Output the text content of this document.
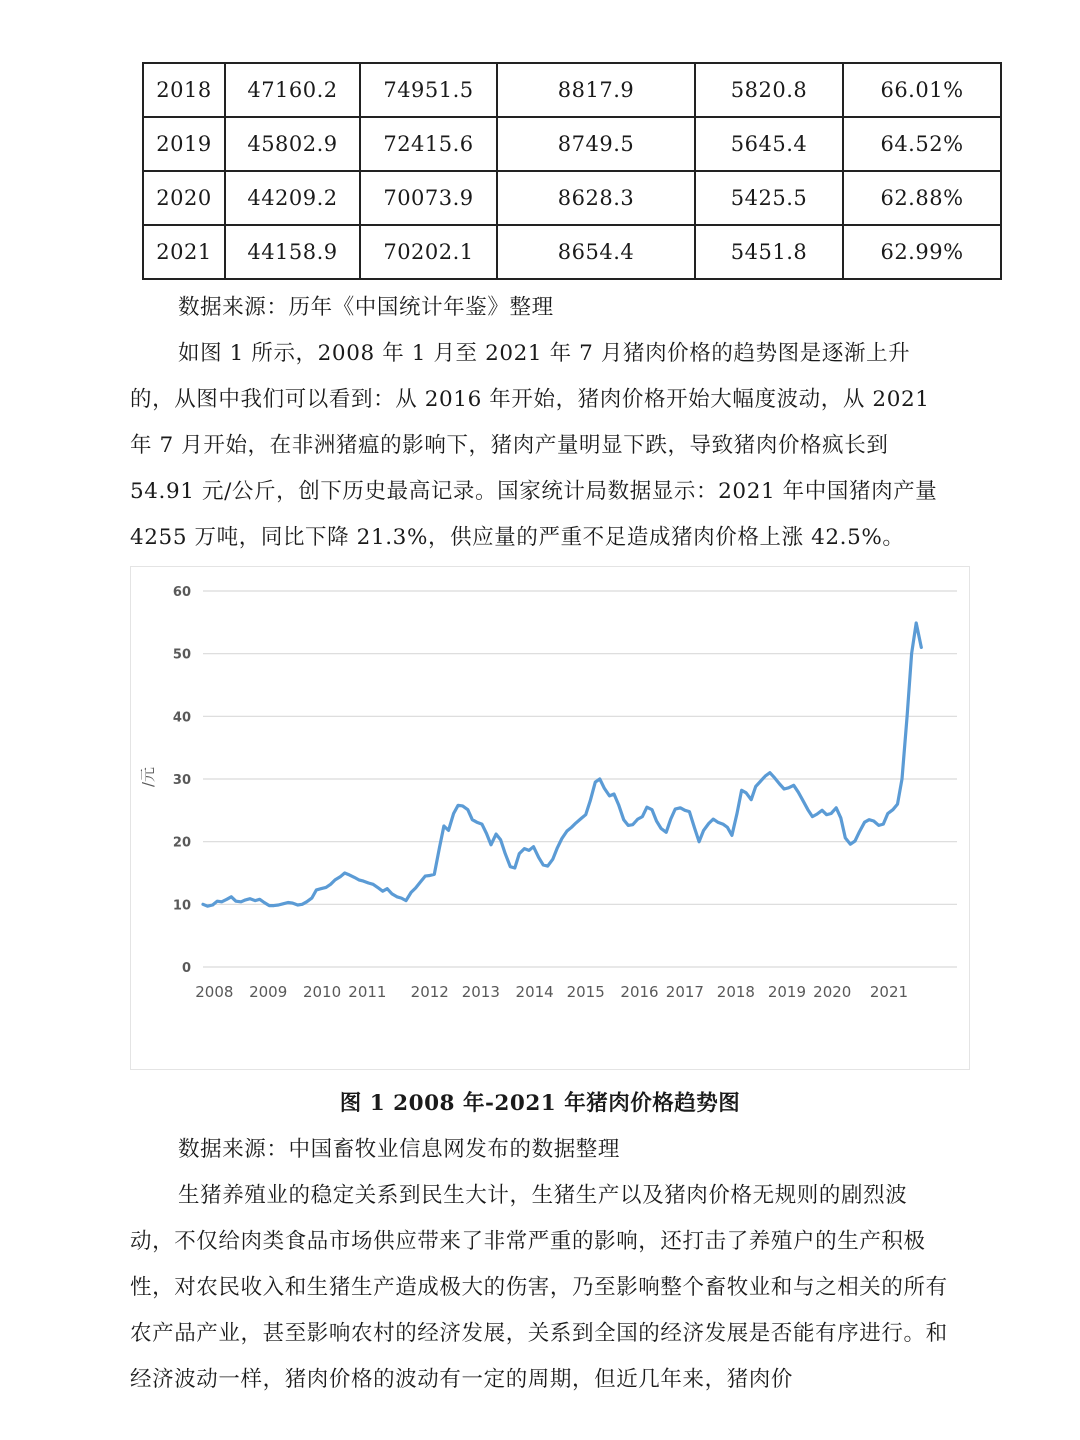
2018	47160.2	74951.5	8817.9	5820.8	66.01%
2019	45802.9	72415.6	8749.5	5645.4	64.52%
2020	44209.2	70073.9	8628.3	5425.5	62.88%
2021	44158.9	70202.1	8654.4	5451.8	62.99%

数据来源：历年《中国统计年鉴》整理

如图 1 所示，2008 年 1 月至 2021 年 7 月猪肉价格的趋势图是逐渐上升的，从图中我们可以看到：从 2016 年开始，猪肉价格开始大幅度波动，从 2021 年 7 月开始，在非洲猪瘟的影响下，猪肉产量明显下跌，导致猪肉价格疯长到 54.91 元/公斤，创下历史最高记录。国家统计局数据显示：2021 年中国猪肉产量 4255 万吨，同比下降 21.3%，供应量的严重不足造成猪肉价格上涨 42.5%。

0
10
20
30
40
50
60
/元
2008 2009 2010 2011 2012 2013 2014 2015 2016 2017 2018 2019 2020 2021
图 1 2008 年-2021 年猪肉价格趋势图

数据来源：中国畜牧业信息网发布的数据整理

生猪养殖业的稳定关系到民生大计，生猪生产以及猪肉价格无规则的剧烈波动，不仅给肉类食品市场供应带来了非常严重的影响，还打击了养殖户的生产积极性，对农民收入和生猪生产造成极大的伤害，乃至影响整个畜牧业和与之相关的所有农产品产业，甚至影响农村的经济发展，关系到全国的经济发展是否能有序进行。和经济波动一样，猪肉价格的波动有一定的周期，但近几年来，猪肉价
